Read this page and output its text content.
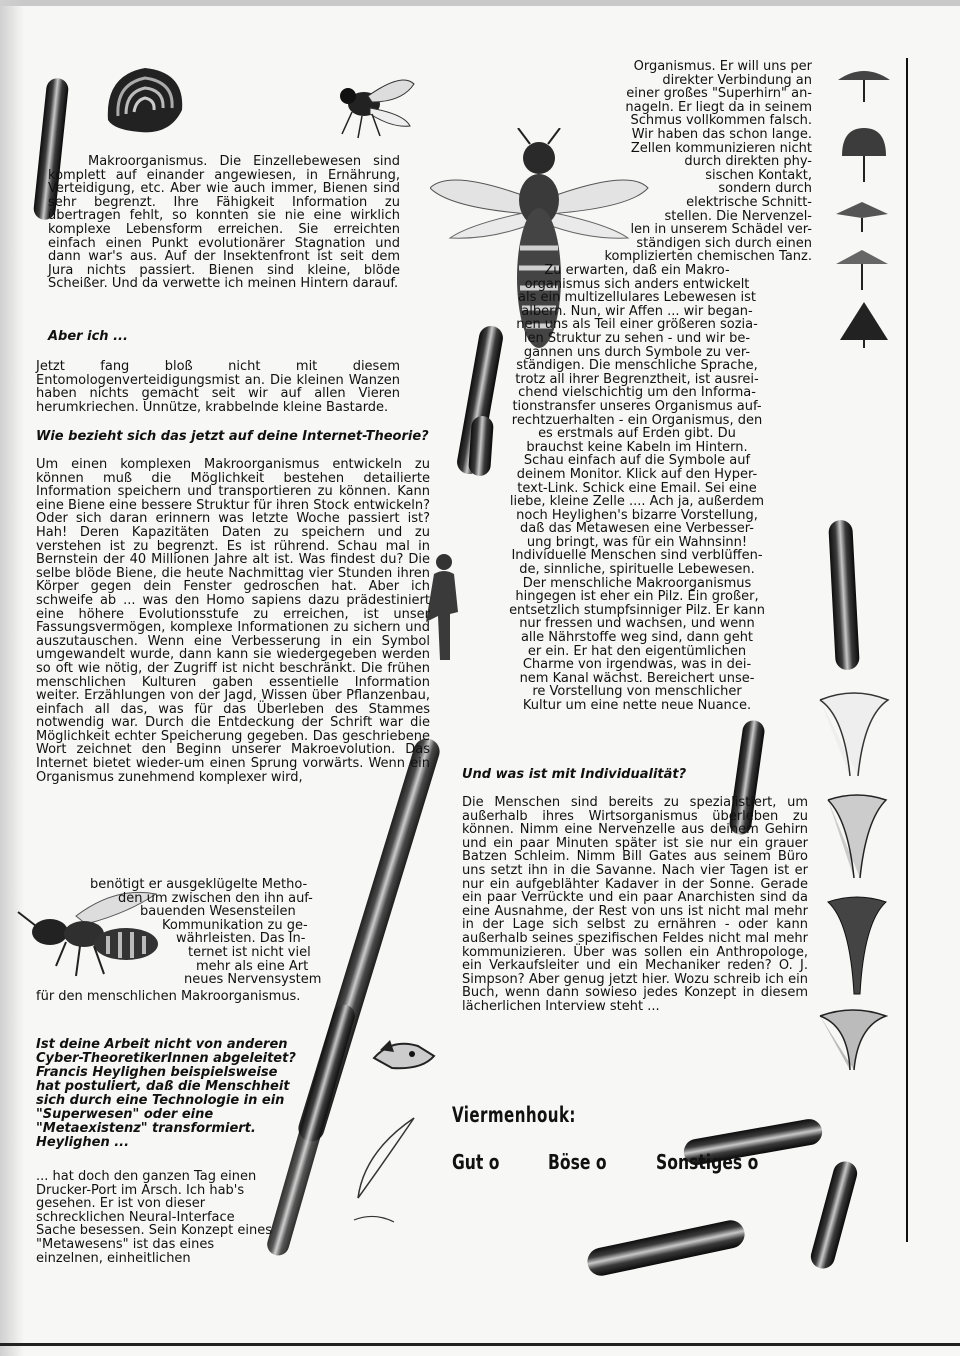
Makroorganismus. Die Einzellebewesen sind komplett auf einander angewiesen, in Ernährung, Verteidigung, etc. Aber wie auch immer, Bienen sind sehr begrenzt. Ihre Fähigkeit Information zu übertragen fehlt, so konnten sie nie eine wirklich komplexe Lebensform erreichen. Sie erreichten einfach einen Punkt evolutionärer Stagnation und dann war's aus. Auf der Insektenfront ist seit dem Jura nichts passiert. Bienen sind kleine, blöde Scheißer. Und da verwette ich meinen Hintern darauf.

Aber ich ...

Jetzt fang bloß nicht mit diesem Entomologenverteidigungsmist an. Die kleinen Wanzen haben nichts gemacht seit wir auf allen Vieren herumkriechen. Unnütze, krabbelnde kleine Bastarde.

Wie bezieht sich das jetzt auf deine Internet-Theorie?

Um einen komplexen Makroorganismus entwickeln zu können muß die Möglichkeit bestehen detailierte Information speichern und transportieren zu können. Kann eine Biene eine bessere Struktur für ihren Stock entwickeln? Oder sich daran erinnern was letzte Woche passiert ist? Hah! Deren Kapazitäten Daten zu speichern und zu verstehen ist zu begrenzt. Es ist rührend. Schau mal in Bernstein der 40 Millionen Jahre alt ist. Was findest du? Die selbe blöde Biene, die heute Nachmittag vier Stunden ihren Körper gegen dein Fenster gedroschen hat. Aber ich schweife ab ... was den Homo sapiens dazu prädestiniert eine höhere Evolutionsstufe zu erreichen, ist unser Fassungsvermögen, komplexe Informationen zu sichern und auszutauschen. Wenn eine Verbesserung in ein Symbol umgewandelt wurde, dann kann sie wiedergegeben werden so oft wie nötig, der Zugriff ist nicht beschränkt. Die frühen menschlichen Kulturen gaben essentielle Information weiter. Erzählungen von der Jagd, Wissen über Pflanzenbau, einfach all das, was für das Überleben des Stammes notwendig war. Durch die Entdeckung der Schrift war die Möglichkeit echter Speicherung gegeben. Das geschriebene Wort zeichnet den Beginn unserer Makroevolution. Das Internet bietet wieder-um einen Sprung vorwärts. Wenn ein Organismus zunehmend komplexer wird,

benötigt er ausgeklügelte Metho-
den um zwischen den ihn auf-
bauenden Wesensteilen
Kommunikation zu ge-
währleisten. Das In-
ternet ist nicht viel
mehr als eine Art
neues Nervensystem

für den menschlichen Makroorganismus.

Ist deine Arbeit nicht von anderen Cyber-TheoretikerInnen abgeleitet? Francis Heylighen beispielsweise hat postuliert, daß die Menschheit sich durch eine Technologie in ein "Superwesen" oder eine "Metaexistenz" transformiert. Heylighen ...

... hat doch den ganzen Tag einen Drucker-Port im Arsch. Ich hab's gesehen. Er ist von dieser schrecklichen Neural-Interface Sache besessen. Sein Konzept eines "Metawesens" ist das eines einzelnen, einheitlichen

Organismus. Er will uns per
direkter Verbindung an
einer großes "Superhirn" an-
nageln. Er liegt da in seinem
Schmus vollkommen falsch.
Wir haben das schon lange.
Zellen kommunizieren nicht
durch direkten phy-
sischen Kontakt,
sondern durch
elektrische Schnitt-
stellen. Die Nervenzel-
len in unserem Schädel ver-
ständigen sich durch einen
komplizierten chemischen Tanz.
Zu erwarten, daß ein Makro-
organismus sich anders entwickelt
als ein multizellulares Lebewesen ist
albern. Nun, wir Affen ... wir began-
nen uns als Teil einer größeren sozia-
len Struktur zu sehen - und wir be-
gannen uns durch Symbole zu ver-
ständigen. Die menschliche Sprache,
trotz all ihrer Begrenztheit, ist ausrei-
chend vielschichtig um den Informa-
tionstransfer unseres Organismus auf-
rechtzuerhalten - ein Organismus, den
es erstmals auf Erden gibt. Du
brauchst keine Kabeln im Hintern.
Schau einfach auf die Symbole auf
deinem Monitor. Klick auf den Hyper-
text-Link. Schick eine Email. Sei eine
liebe, kleine Zelle .... Ach ja, außerdem
noch Heylighen's bizarre Vorstellung,
daß das Metawesen eine Verbesser-
ung bringt, was für ein Wahnsinn!
Individuelle Menschen sind verblüffen-
de, sinnliche, spirituelle Lebewesen.
Der menschliche Makroorganismus
hingegen ist eher ein Pilz. Ein großer,
entsetzlich stumpfsinniger Pilz. Er kann
nur fressen und wachsen, und wenn
alle Nährstoffe weg sind, dann geht
er ein. Er hat den eigentümlichen
Charme von irgendwas, was in dei-
nem Kanal wächst. Bereichert unse-
re Vorstellung von menschlicher
Kultur um eine nette neue Nuance.

Und was ist mit Individualität?

Die Menschen sind bereits zu spezialistiert, um außerhalb ihres Wirtsorganismus überleben zu können. Nimm eine Nervenzelle aus deinem Gehirn und ein paar Minuten später ist sie nur ein grauer Batzen Schleim. Nimm Bill Gates aus seinem Büro uns setzt ihn in die Savanne. Nach vier Tagen ist er nur ein aufgeblähter Kadaver in der Sonne. Gerade ein paar Verrückte und ein paar Anarchisten sind da eine Ausnahme, der Rest von uns ist nicht mal mehr in der Lage sich selbst zu ernähren - oder kann außerhalb seines spezifischen Feldes nicht mal mehr kommunizieren. Über was sollen ein Anthropologe, ein Verkaufsleiter und ein Mechaniker reden? O. J. Simpson? Aber genug jetzt hier. Wozu schreib ich ein Buch, wenn dann sowieso jedes Konzept in diesem lächerlichen Interview steht ...

Viermenhouk:
Gut o Böse o Sonstiges o
